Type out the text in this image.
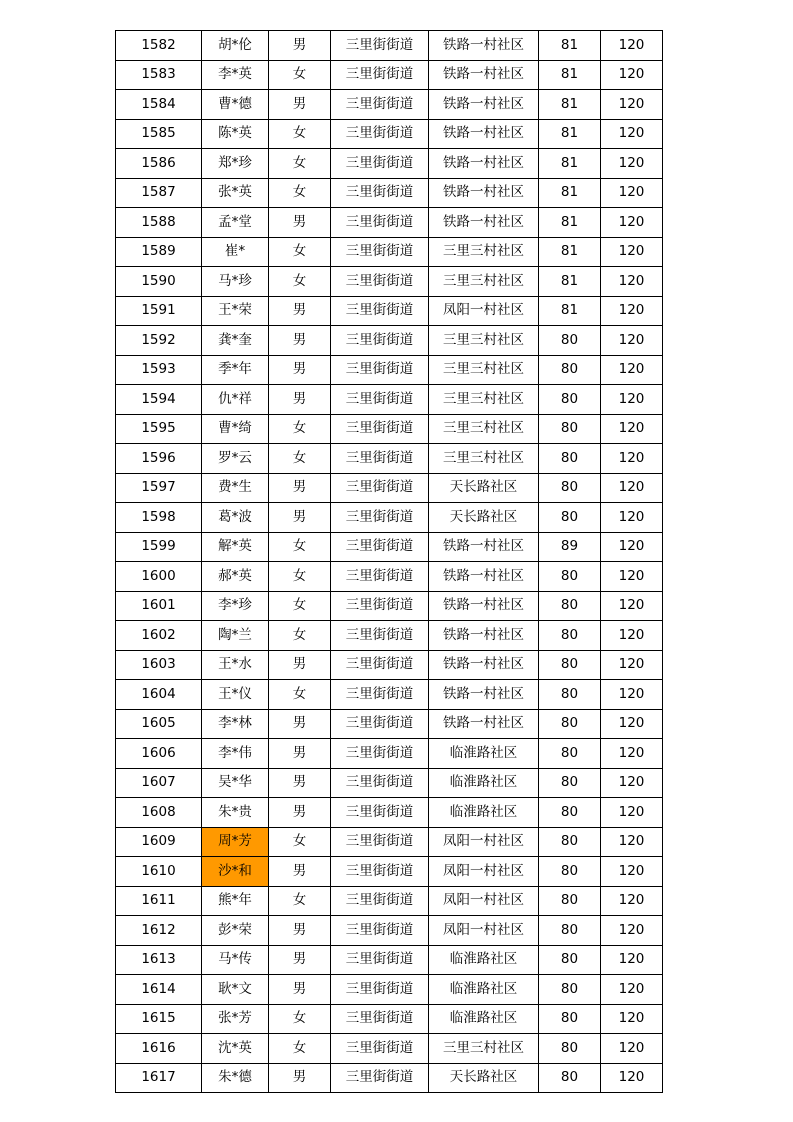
1582	胡*伦	男	三里街街道	铁路一村社区	81	120
1583	李*英	女	三里街街道	铁路一村社区	81	120
1584	曹*德	男	三里街街道	铁路一村社区	81	120
1585	陈*英	女	三里街街道	铁路一村社区	81	120
1586	郑*珍	女	三里街街道	铁路一村社区	81	120
1587	张*英	女	三里街街道	铁路一村社区	81	120
1588	孟*堂	男	三里街街道	铁路一村社区	81	120
1589	崔*	女	三里街街道	三里三村社区	81	120
1590	马*珍	女	三里街街道	三里三村社区	81	120
1591	王*荣	男	三里街街道	凤阳一村社区	81	120
1592	龚*奎	男	三里街街道	三里三村社区	80	120
1593	季*年	男	三里街街道	三里三村社区	80	120
1594	仇*祥	男	三里街街道	三里三村社区	80	120
1595	曹*绮	女	三里街街道	三里三村社区	80	120
1596	罗*云	女	三里街街道	三里三村社区	80	120
1597	费*生	男	三里街街道	天长路社区	80	120
1598	葛*波	男	三里街街道	天长路社区	80	120
1599	解*英	女	三里街街道	铁路一村社区	89	120
1600	郝*英	女	三里街街道	铁路一村社区	80	120
1601	李*珍	女	三里街街道	铁路一村社区	80	120
1602	陶*兰	女	三里街街道	铁路一村社区	80	120
1603	王*水	男	三里街街道	铁路一村社区	80	120
1604	王*仪	女	三里街街道	铁路一村社区	80	120
1605	李*林	男	三里街街道	铁路一村社区	80	120
1606	李*伟	男	三里街街道	临淮路社区	80	120
1607	吴*华	男	三里街街道	临淮路社区	80	120
1608	朱*贵	男	三里街街道	临淮路社区	80	120
1609	周*芳	女	三里街街道	凤阳一村社区	80	120
1610	沙*和	男	三里街街道	凤阳一村社区	80	120
1611	熊*年	女	三里街街道	凤阳一村社区	80	120
1612	彭*荣	男	三里街街道	凤阳一村社区	80	120
1613	马*传	男	三里街街道	临淮路社区	80	120
1614	耿*文	男	三里街街道	临淮路社区	80	120
1615	张*芳	女	三里街街道	临淮路社区	80	120
1616	沈*英	女	三里街街道	三里三村社区	80	120
1617	朱*德	男	三里街街道	天长路社区	80	120
